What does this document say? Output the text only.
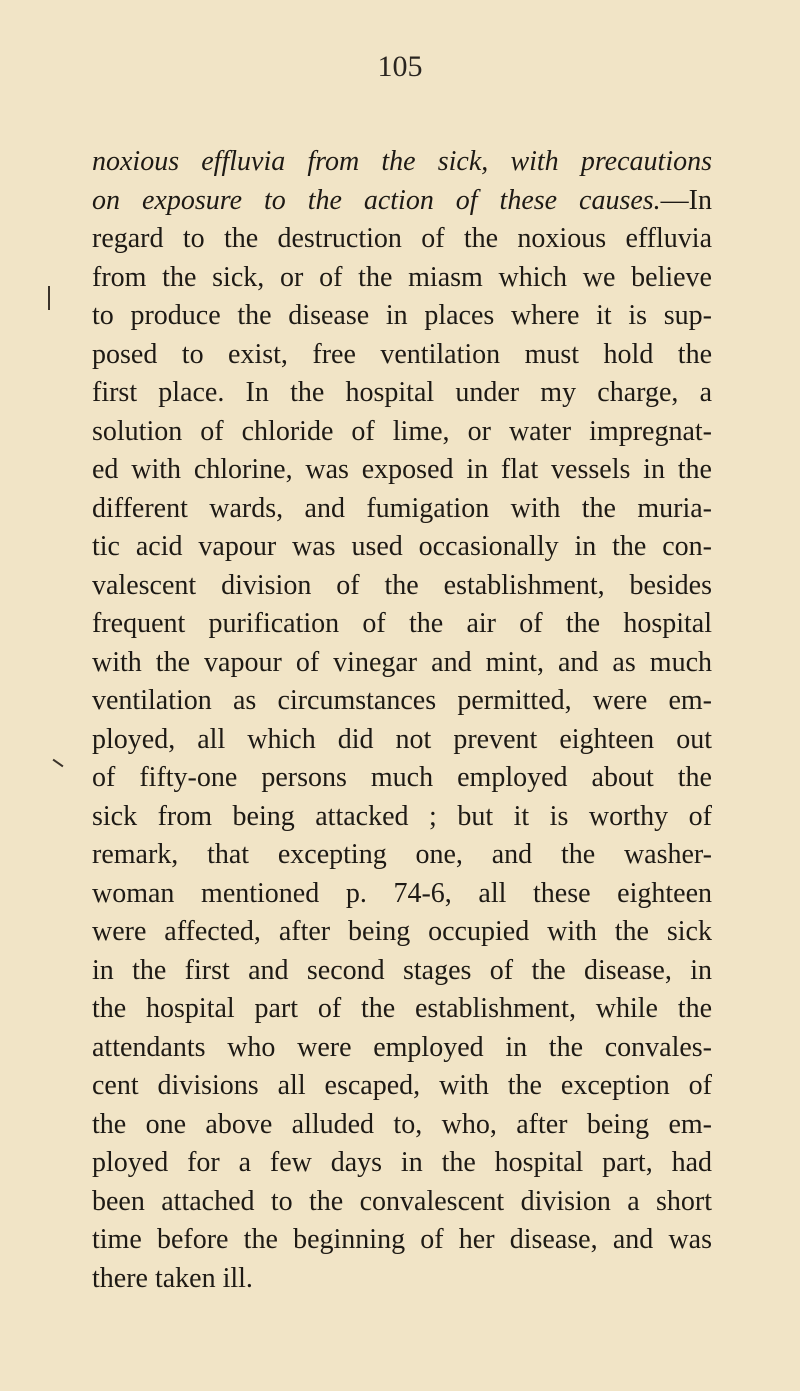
105
noxious effluvia from the sick, with precautions
on exposure to the action of these causes.—In
regard to the destruction of the noxious effluvia
from the sick, or of the miasm which we believe
to produce the disease in places where it is sup-
posed to exist, free ventilation must hold the
first place. In the hospital under my charge, a
solution of chloride of lime, or water impregnat-
ed with chlorine, was exposed in flat vessels in the
different wards, and fumigation with the muria-
tic acid vapour was used occasionally in the con-
valescent division of the establishment, besides
frequent purification of the air of the hospital
with the vapour of vinegar and mint, and as much
ventilation as circumstances permitted, were em-
ployed, all which did not prevent eighteen out
of fifty-one persons much employed about the
sick from being attacked ; but it is worthy of
remark, that excepting one, and the washer-
woman mentioned p. 74-6, all these eighteen
were affected, after being occupied with the sick
in the first and second stages of the disease, in
the hospital part of the establishment, while the
attendants who were employed in the convales-
cent divisions all escaped, with the exception of
the one above alluded to, who, after being em-
ployed for a few days in the hospital part, had
been attached to the convalescent division a short
time before the beginning of her disease, and was
there taken ill.
